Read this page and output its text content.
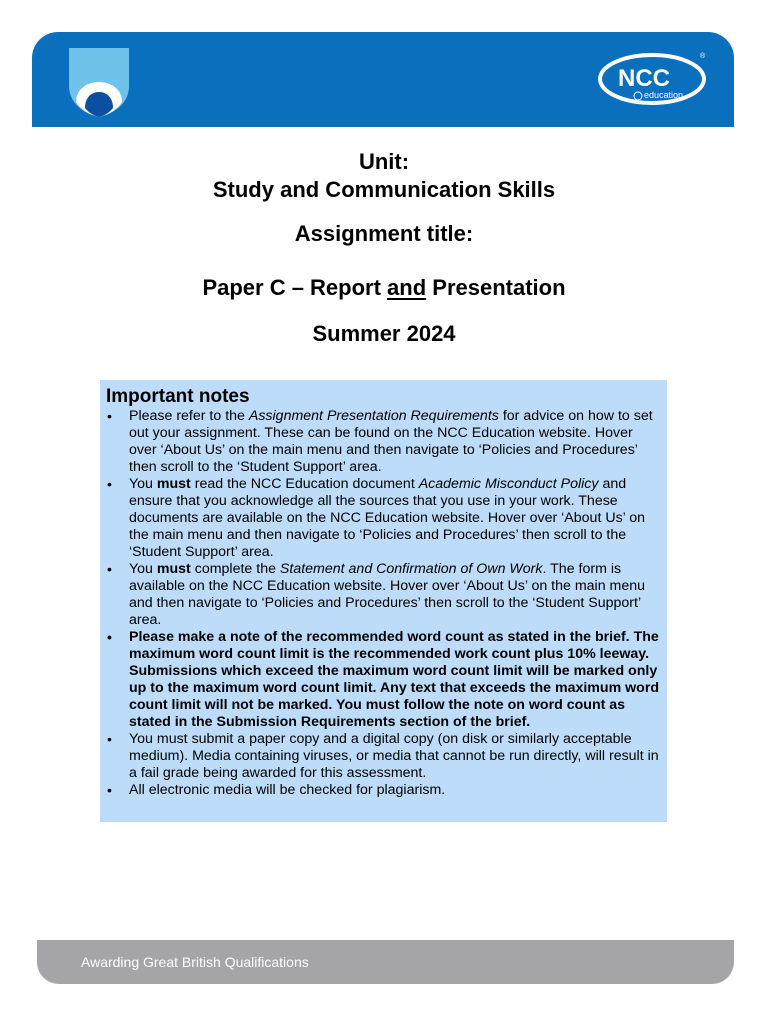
NCC
education
®
Unit:
Study and Communication Skills
Assignment title:
Paper C – Report and Presentation
Summer 2024
Important notes
• Please refer to the Assignment Presentation Requirements for advice on how to set out your assignment. These can be found on the NCC Education website. Hover over ‘About Us’ on the main menu and then navigate to ‘Policies and Procedures’ then scroll to the ‘Student Support’ area.
• You must read the NCC Education document Academic Misconduct Policy and ensure that you acknowledge all the sources that you use in your work. These documents are available on the NCC Education website. Hover over ‘About Us’ on the main menu and then navigate to ‘Policies and Procedures’ then scroll to the ‘Student Support’ area.
• You must complete the Statement and Confirmation of Own Work. The form is available on the NCC Education website. Hover over ‘About Us’ on the main menu and then navigate to ‘Policies and Procedures’ then scroll to the ‘Student Support’ area.
• Please make a note of the recommended word count as stated in the brief. The maximum word count limit is the recommended work count plus 10% leeway. Submissions which exceed the maximum word count limit will be marked only up to the maximum word count limit. Any text that exceeds the maximum word count limit will not be marked. You must follow the note on word count as stated in the Submission Requirements section of the brief.
• You must submit a paper copy and a digital copy (on disk or similarly acceptable medium). Media containing viruses, or media that cannot be run directly, will result in a fail grade being awarded for this assessment.
• All electronic media will be checked for plagiarism.
Awarding Great British Qualifications
